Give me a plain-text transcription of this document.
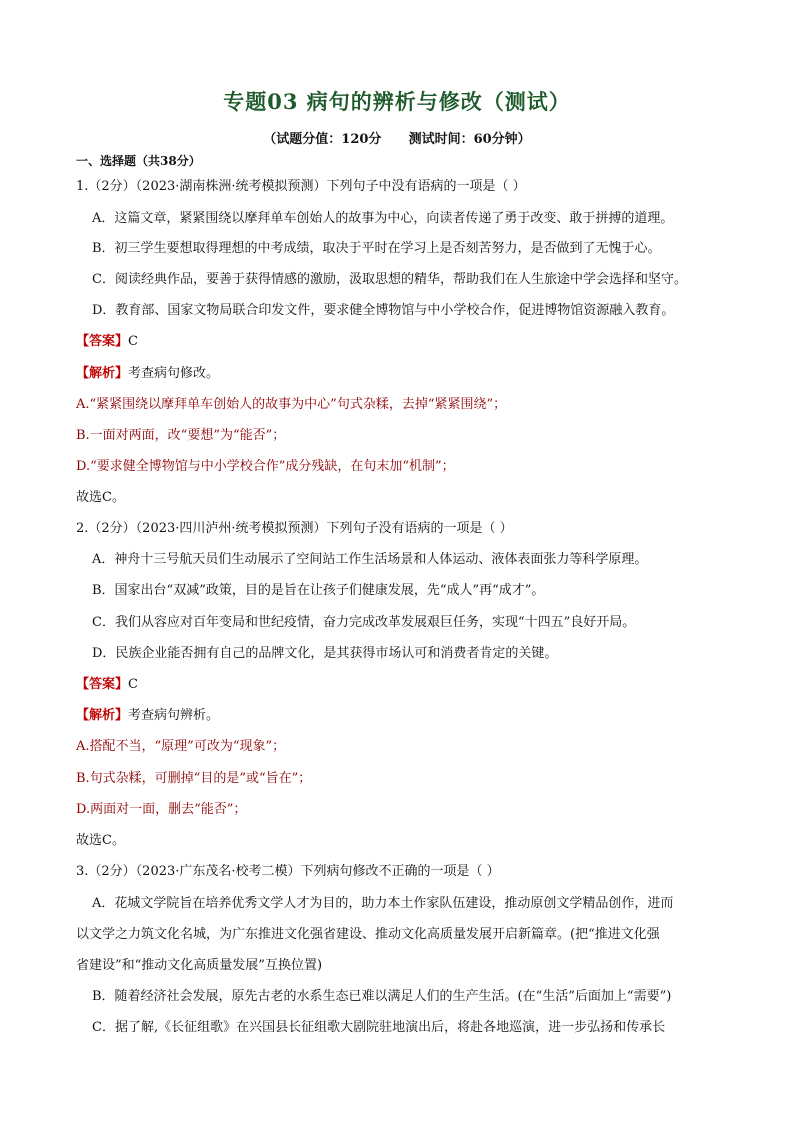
专题03 病句的辨析与修改（测试）
（试题分值：120分      测试时间：60分钟）
一、选择题（共38分）
1.（2分）（2023·湖南株洲·统考模拟预测）下列句子中没有语病的一项是（ ）
A．这篇文章，紧紧围绕以摩拜单车创始人的故事为中心，向读者传递了勇于改变、敢于拼搏的道理。
B．初三学生要想取得理想的中考成绩，取决于平时在学习上是否刻苦努力，是否做到了无愧于心。
C．阅读经典作品，要善于获得情感的激励，汲取思想的精华，帮助我们在人生旅途中学会选择和坚守。
D．教育部、国家文物局联合印发文件，要求健全博物馆与中小学校合作，促进博物馆资源融入教育。
【答案】C
【解析】考查病句修改。
A.“紧紧围绕以摩拜单车创始人的故事为中心”句式杂糅，去掉“紧紧围绕”；
B.一面对两面，改“要想”为“能否”；
D.“要求健全博物馆与中小学校合作”成分残缺，在句末加“机制”；
故选C。
2.（2分）（2023·四川泸州·统考模拟预测）下列句子没有语病的一项是（ ）
A．神舟十三号航天员们生动展示了空间站工作生活场景和人体运动、液体表面张力等科学原理。
B．国家出台“双减”政策，目的是旨在让孩子们健康发展，先“成人”再“成才”。
C．我们从容应对百年变局和世纪疫情，奋力完成改革发展艰巨任务，实现“十四五”良好开局。
D．民族企业能否拥有自己的品牌文化，是其获得市场认可和消费者肯定的关键。
【答案】C
【解析】考查病句辨析。
A.搭配不当，“原理”可改为“现象”；
B.句式杂糅，可删掉“目的是”或“旨在”；
D.两面对一面，删去“能否”；
故选C。
3.（2分）（2023·广东茂名·校考二模）下列病句修改不正确的一项是（ ）
A．花城文学院旨在培养优秀文学人才为目的，助力本土作家队伍建设，推动原创文学精品创作，进而
以文学之力筑文化名城，为广东推进文化强省建设、推动文化高质量发展开启新篇章。(把“推进文化强
省建设”和“推动文化高质量发展”互换位置)
B．随着经济社会发展，原先古老的水系生态已难以满足人们的生产生活。(在“生活”后面加上“需要”)
C．据了解,《长征组歌》在兴国县长征组歌大剧院驻地演出后，将赴各地巡演，进一步弘扬和传承长
